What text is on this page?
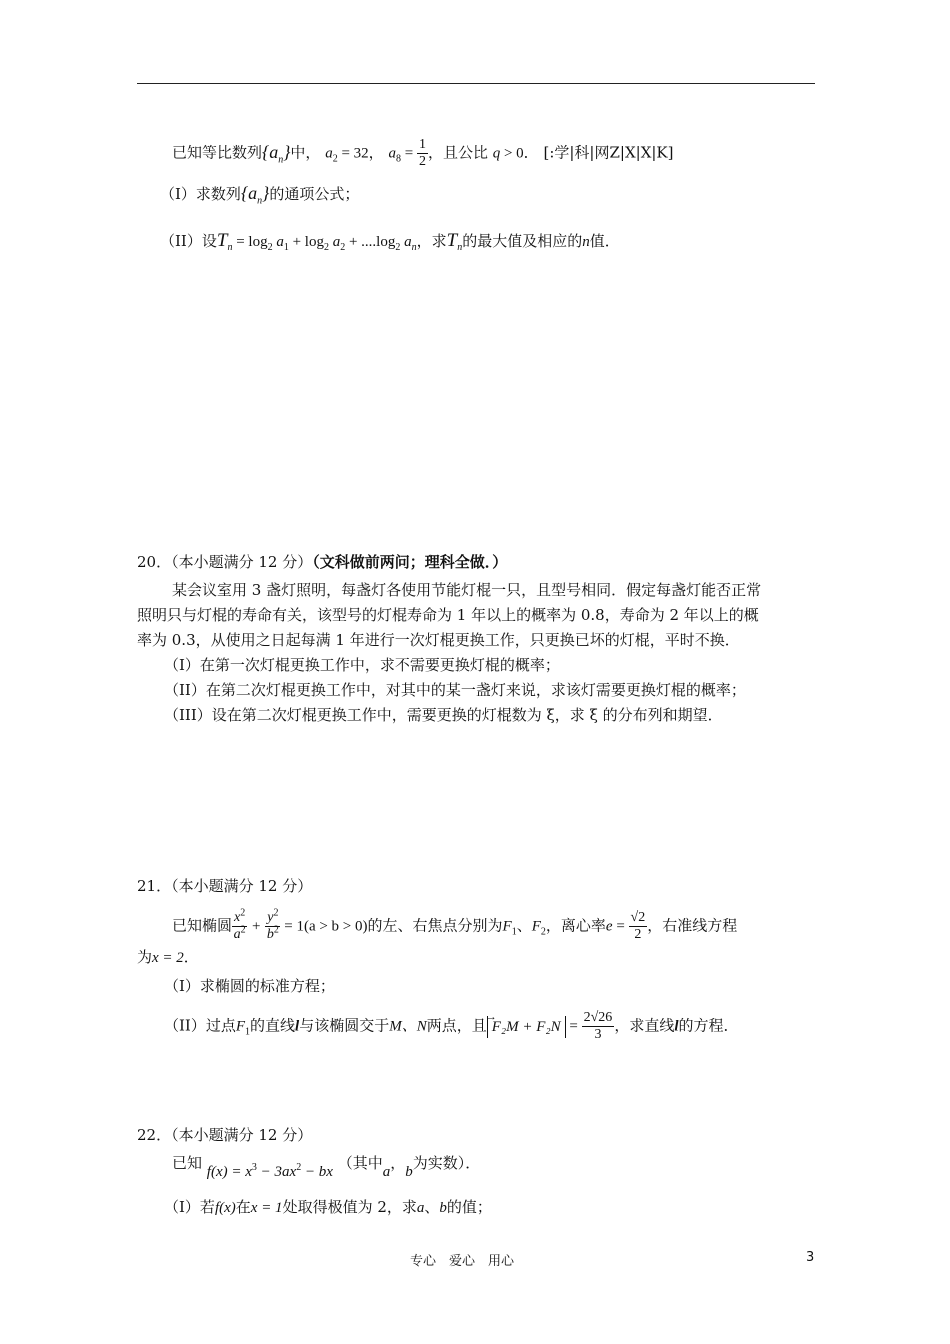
已知等比数列$\{a_n\}$中， $a_2 = 32$， $a_8 = \frac{1}{2}$ ，且公比 q > 0． [:学|科|网Z|X|X|K]
（I）求数列$\{a_n\}$的通项公式；
（II）设$T_n = \log_2 a_1 + \log_2 a_2 + ....\log_2$ $a_n$，求$T_n$的最大值及相应的n值．
20．（本小题满分 12 分）（文科做前两问；理科全做．）
某会议室用 3 盏灯照明，每盏灯各使用节能灯棍一只，且型号相同．假定每盏灯能否正常
照明只与灯棍的寿命有关，该型号的灯棍寿命为 1 年以上的概率为 0.8，寿命为 2 年以上的概
率为 0.3，从使用之日起每满 1 年进行一次灯棍更换工作，只更换已坏的灯棍，平时不换．
（I）在第一次灯棍更换工作中，求不需要更换灯棍的概率；
（II）在第二次灯棍更换工作中，对其中的某一盏灯来说，求该灯需要更换灯棍的概率；
（III）设在第二次灯棍更换工作中，需要更换的灯棍数为 ξ，求 ξ 的分布列和期望．
21．（本小题满分 12 分）
已知椭圆 $\frac{x^2}{a^2} + \frac{y^2}{b^2} = 1(a > b > 0)$的左、右焦点分别为$F_1$、$F_2$，离心率$e = \frac{√2}{2}$ ，右准线方程
为x = 2．
（I）求椭圆的标准方程；
（II）过点$F_1$的直线l与该椭圆交于M、N两点，且 →
$F_2M + F_2N = \frac{2√26}{3}$ ，求直线l的方程．
22．（本小题满分 12 分）
已知 $f(x) = x^3 - 3ax^2$ − bx （其中a，b为实数）．
（I）若f(x)在x = 1处取得极值为 2，求a、b的值；
专心　爱心　用心	3
